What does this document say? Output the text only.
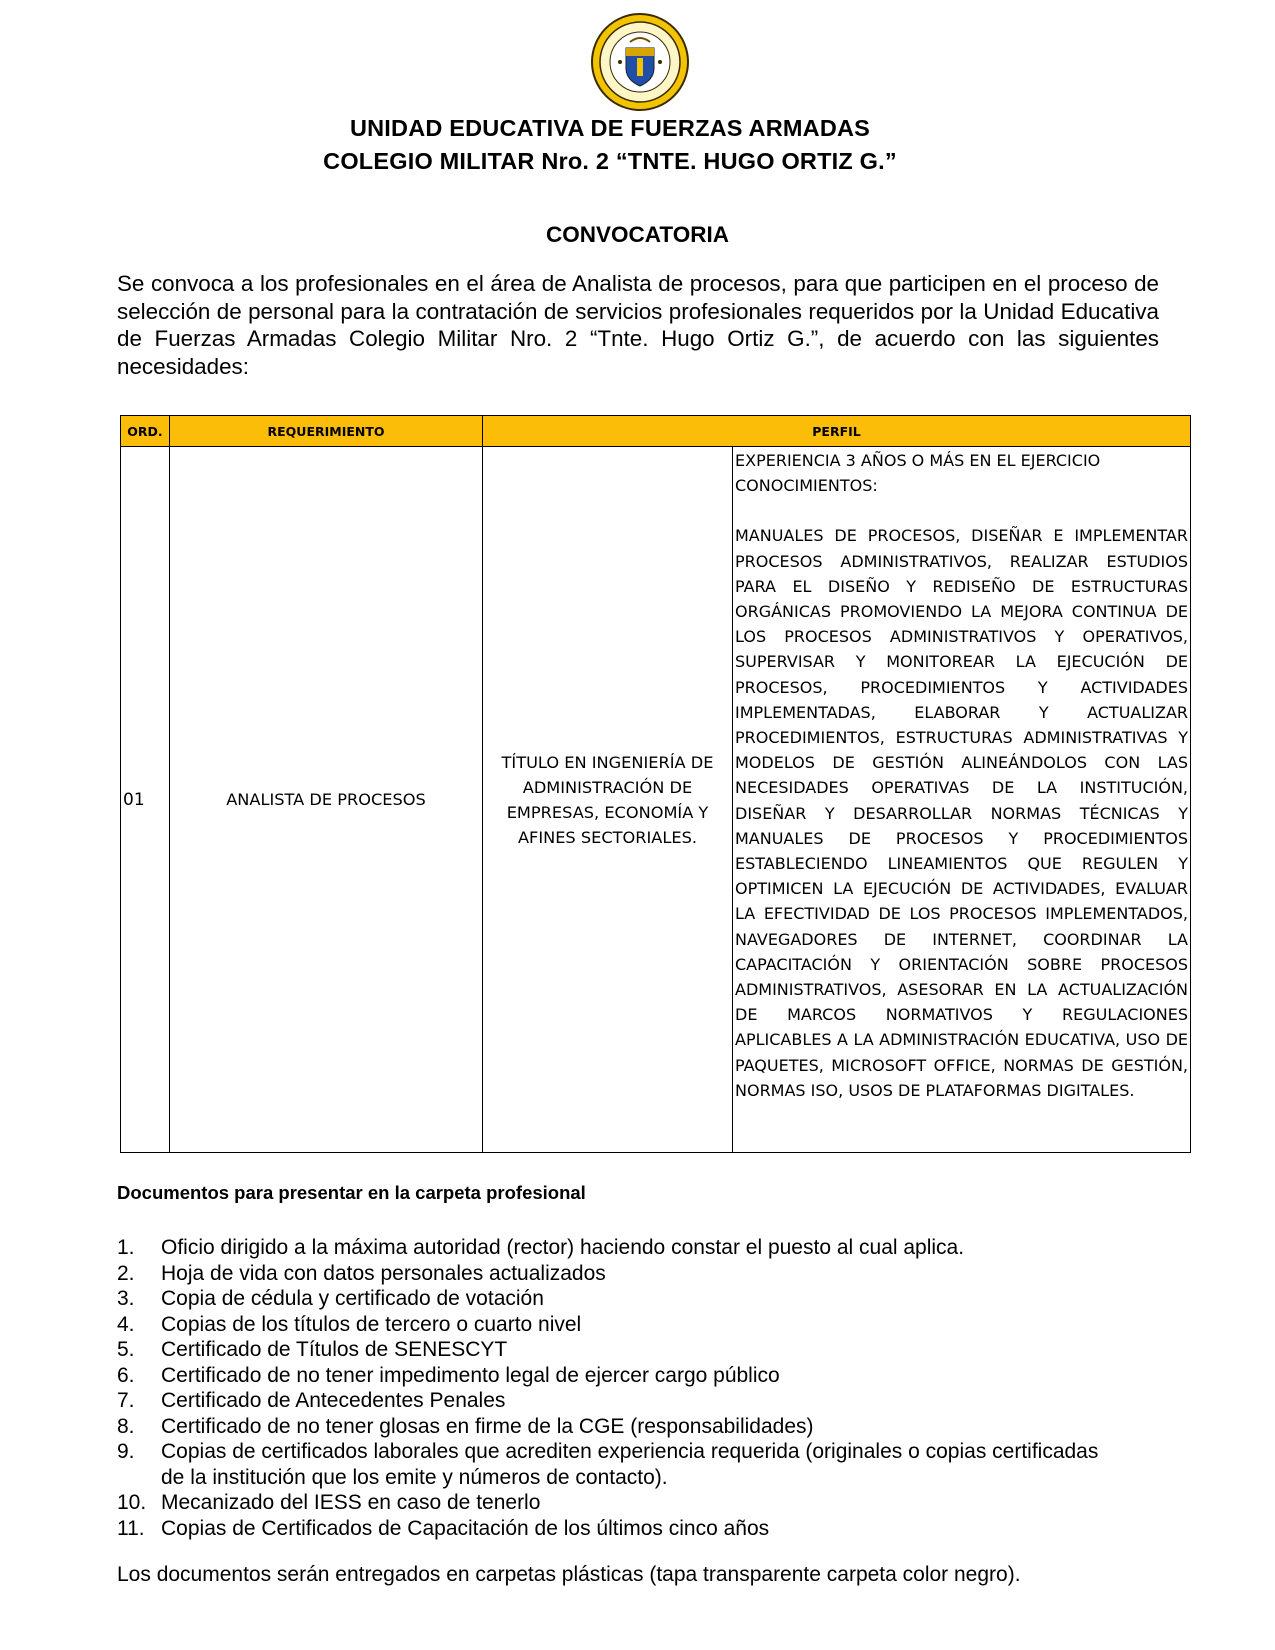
UNIDAD EDUCATIVA DE FUERZAS ARMADAS
COLEGIO MILITAR Nro. 2 “TNTE. HUGO ORTIZ G.”
CONVOCATORIA
Se convoca a los profesionales en el área de Analista de procesos, para que participen en el proceso de selección de personal para la contratación de servicios profesionales requeridos por la Unidad Educativa de Fuerzas Armadas Colegio Militar Nro. 2 “Tnte. Hugo Ortiz G.”, de acuerdo con las siguientes necesidades:
ORD.	REQUERIMIENTO	PERFIL	
01	ANALISTA DE PROCESOS	TÍTULO EN INGENIERÍA DE ADMINISTRACIÓN DE EMPRESAS, ECONOMÍA Y AFINES SECTORIALES.	EXPERIENCIA 3 AÑOS O MÁS EN EL EJERCICIO
CONOCIMIENTOS:
MANUALES DE PROCESOS, DISEÑAR E IMPLEMENTAR PROCESOS ADMINISTRATIVOS, REALIZAR ESTUDIOS PARA EL DISEÑO Y REDISEÑO DE ESTRUCTURAS ORGÁNICAS PROMOVIENDO LA MEJORA CONTINUA DE LOS PROCESOS ADMINISTRATIVOS Y OPERATIVOS, SUPERVISAR Y MONITOREAR LA EJECUCIÓN DE PROCESOS, PROCEDIMIENTOS Y ACTIVIDADES IMPLEMENTADAS, ELABORAR Y ACTUALIZAR PROCEDIMIENTOS, ESTRUCTURAS ADMINISTRATIVAS Y MODELOS DE GESTIÓN ALINEÁNDOLOS CON LAS NECESIDADES OPERATIVAS DE LA INSTITUCIÓN, DISEÑAR Y DESARROLLAR NORMAS TÉCNICAS Y MANUALES DE PROCESOS Y PROCEDIMIENTOS ESTABLECIENDO LINEAMIENTOS QUE REGULEN Y OPTIMICEN LA EJECUCIÓN DE ACTIVIDADES, EVALUAR LA EFECTIVIDAD DE LOS PROCESOS IMPLEMENTADOS, NAVEGADORES DE INTERNET, COORDINAR LA CAPACITACIÓN Y ORIENTACIÓN SOBRE PROCESOS ADMINISTRATIVOS, ASESORAR EN LA ACTUALIZACIÓN DE MARCOS NORMATIVOS Y REGULACIONES APLICABLES A LA ADMINISTRACIÓN EDUCATIVA, USO DE PAQUETES, MICROSOFT OFFICE, NORMAS DE GESTIÓN, NORMAS ISO, USOS DE PLATAFORMAS DIGITALES.
Documentos para presentar en la carpeta profesional
1.	Oficio dirigido a la máxima autoridad (rector) haciendo constar el puesto al cual aplica.
2.	Hoja de vida con datos personales actualizados
3.	Copia de cédula y certificado de votación
4.	Copias de los títulos de tercero o cuarto nivel
5.	Certificado de Títulos de SENESCYT
6.	Certificado de no tener impedimento legal de ejercer cargo público
7.	Certificado de Antecedentes Penales
8.	Certificado de no tener glosas en firme de la CGE (responsabilidades)
9.	Copias de certificados laborales que acrediten experiencia requerida (originales o copias certificadas de la institución que los emite y números de contacto).
10. Mecanizado del IESS en caso de tenerlo
11. Copias de Certificados de Capacitación de los últimos cinco años
Los documentos serán entregados en carpetas plásticas (tapa transparente carpeta color negro).
